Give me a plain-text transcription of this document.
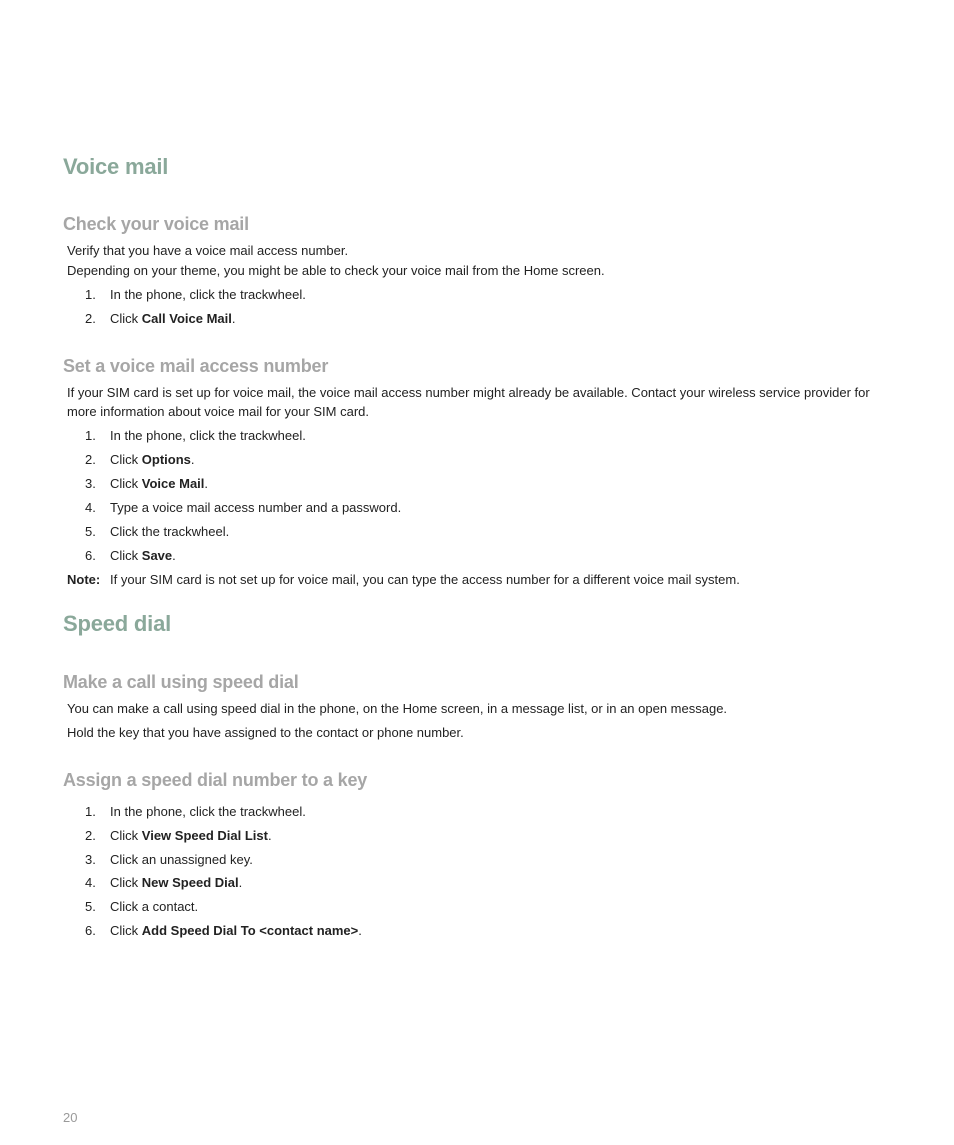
Voice mail
Check your voice mail
Verify that you have a voice mail access number.
Depending on your theme, you might be able to check your voice mail from the Home screen.
1. In the phone, click the trackwheel.
2. Click Call Voice Mail.
Set a voice mail access number
If your SIM card is set up for voice mail, the voice mail access number might already be available. Contact your wireless service provider for more information about voice mail for your SIM card.
1. In the phone, click the trackwheel.
2. Click Options.
3. Click Voice Mail.
4. Type a voice mail access number and a password.
5. Click the trackwheel.
6. Click Save.
Note: If your SIM card is not set up for voice mail, you can type the access number for a different voice mail system.
Speed dial
Make a call using speed dial
You can make a call using speed dial in the phone, on the Home screen, in a message list, or in an open message.
Hold the key that you have assigned to the contact or phone number.
Assign a speed dial number to a key
1. In the phone, click the trackwheel.
2. Click View Speed Dial List.
3. Click an unassigned key.
4. Click New Speed Dial.
5. Click a contact.
6. Click Add Speed Dial To <contact name>.
20
